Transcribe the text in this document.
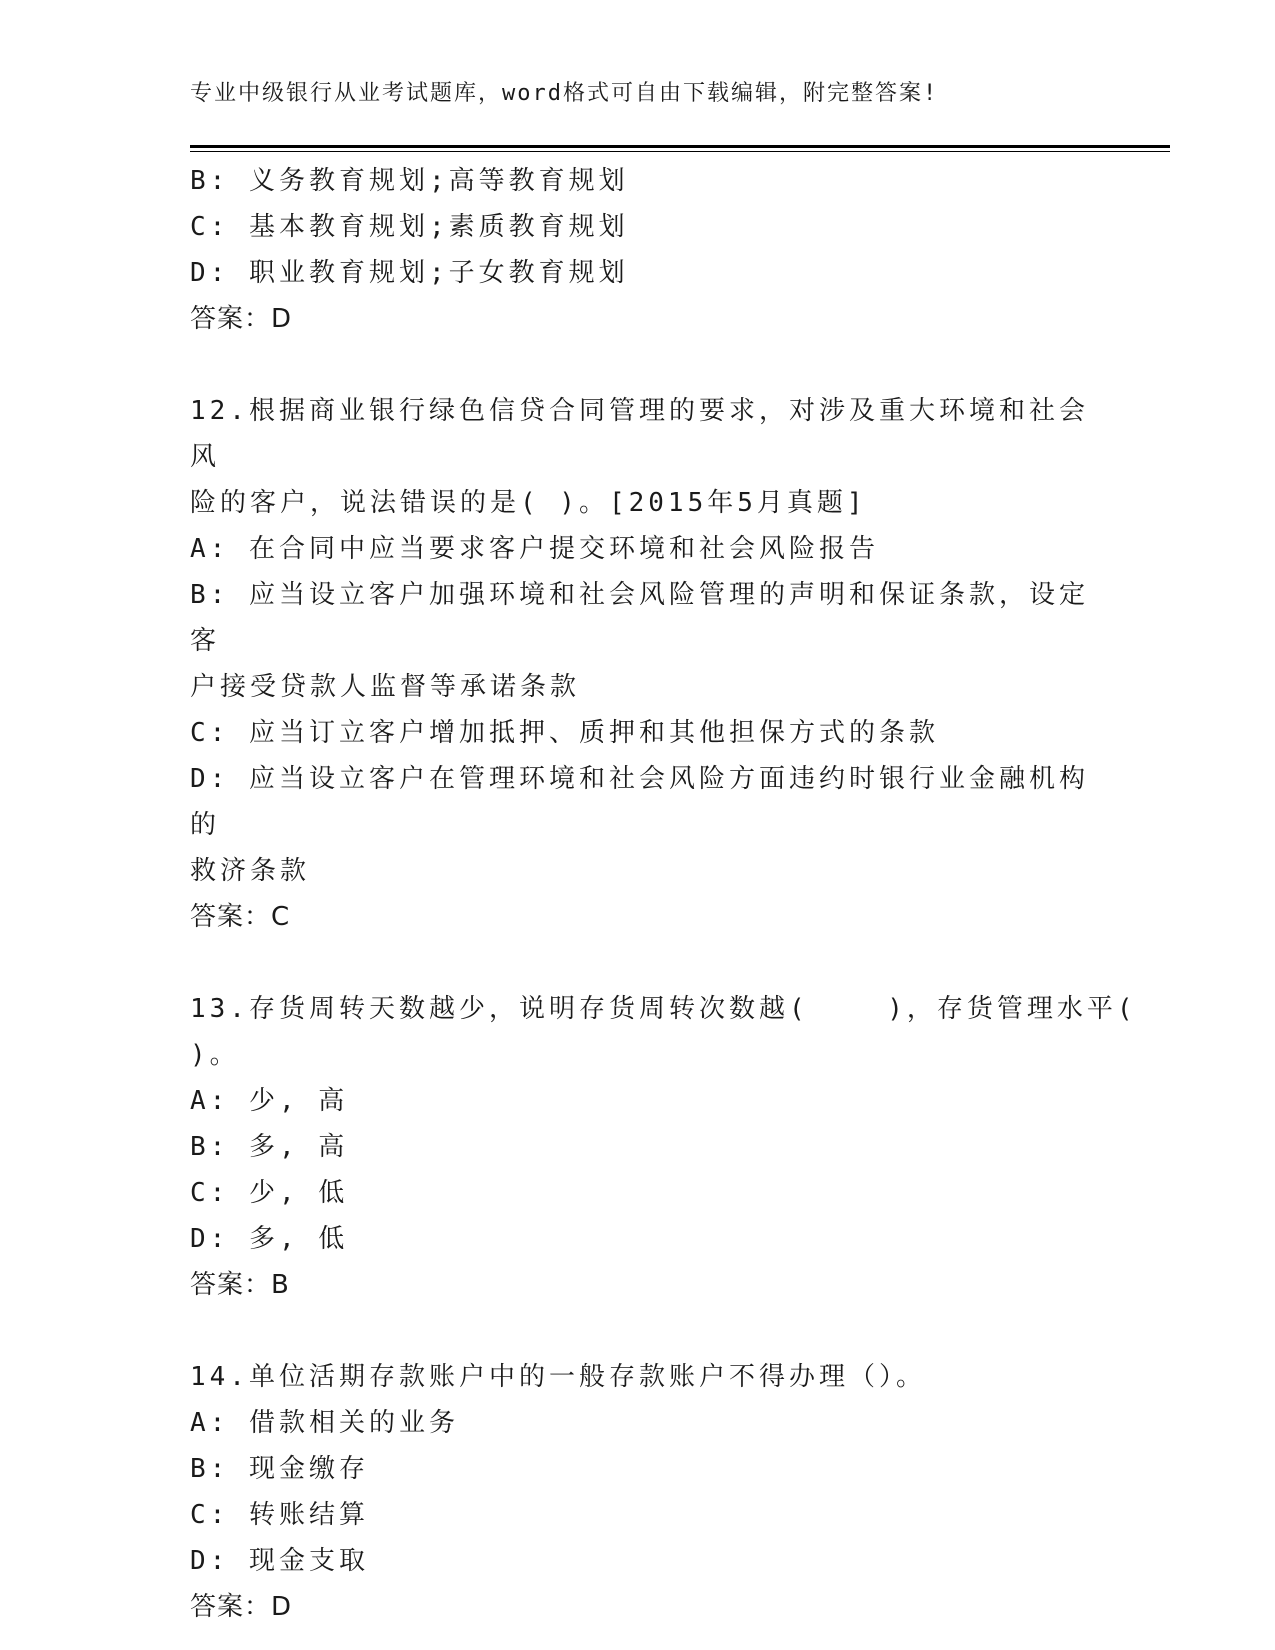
专业中级银行从业考试题库，word格式可自由下载编辑，附完整答案!

B: 义务教育规划;高等教育规划

C: 基本教育规划;素质教育规划

D: 职业教育规划;子女教育规划

答案：D

12.根据商业银行绿色信贷合同管理的要求，对涉及重大环境和社会风

险的客户，说法错误的是( )。[2015年5月真题]

A: 在合同中应当要求客户提交环境和社会风险报告

B: 应当设立客户加强环境和社会风险管理的声明和保证条款，设定客

户接受贷款人监督等承诺条款

C: 应当订立客户增加抵押、质押和其他担保方式的条款

D: 应当设立客户在管理环境和社会风险方面违约时银行业金融机构的

救济条款

答案：C

13.存货周转天数越少，说明存货周转次数越(    )，存货管理水平(

)。

A: 少, 高

B: 多, 高

C: 少, 低

D: 多, 低

答案：B

14.单位活期存款账户中的一般存款账户不得办理（）。

A: 借款相关的业务

B: 现金缴存

C: 转账结算

D: 现金支取

答案：D
